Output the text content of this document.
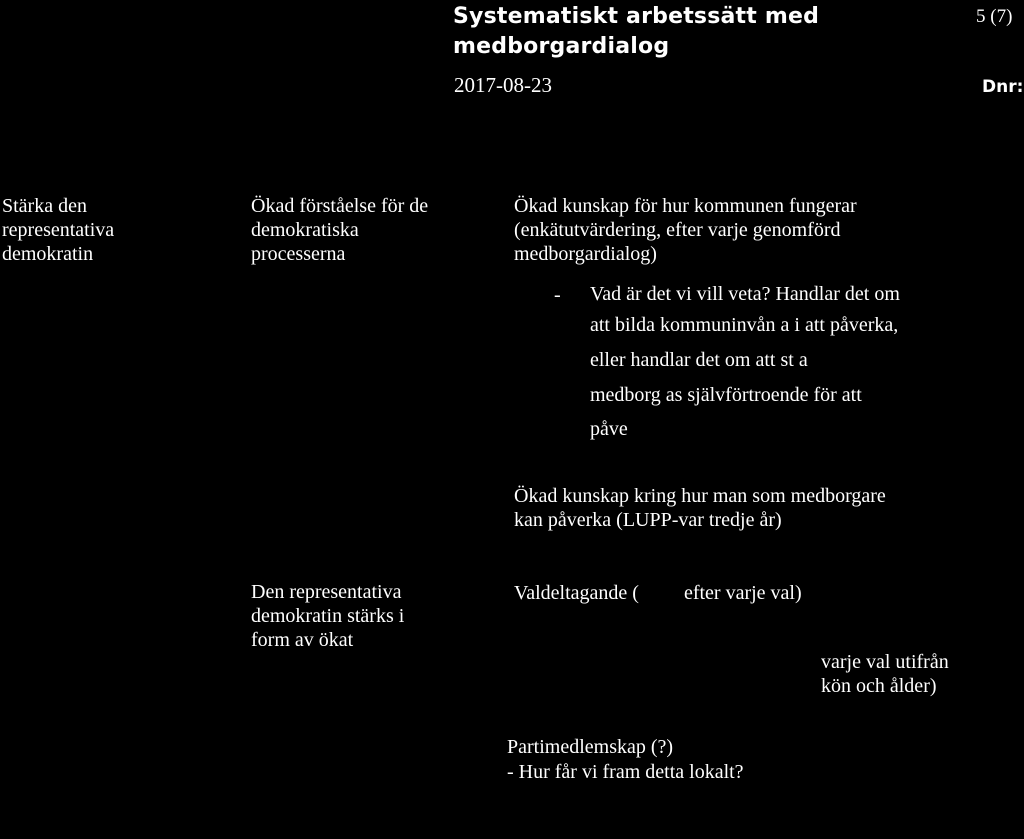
Systematiskt arbetssätt med
medborgardialog
2017-08-23
5 (7)
Dnr:
Stärka den
representativa
demokratin
Ökad förståelse för de
demokratiska
processerna
Ökad kunskap för hur kommunen fungerar
(enkätutvärdering, efter varje genomförd
medborgardialog)
- Vad är det vi vill veta? Handlar det om
att bilda kommuninvån a i att påverka,
eller handlar det om att st a
medborg as självförtroende för att
påve
Ökad kunskap kring hur man som medborgare
kan påverka (LUPP-var tredje år)
Den representativa
demokratin stärks i
form av ökat
Valdeltagande (         efter varje val)
varje val utifrån
kön och ålder)
Partimedlemskap (?)
- Hur får vi fram detta lokalt?
